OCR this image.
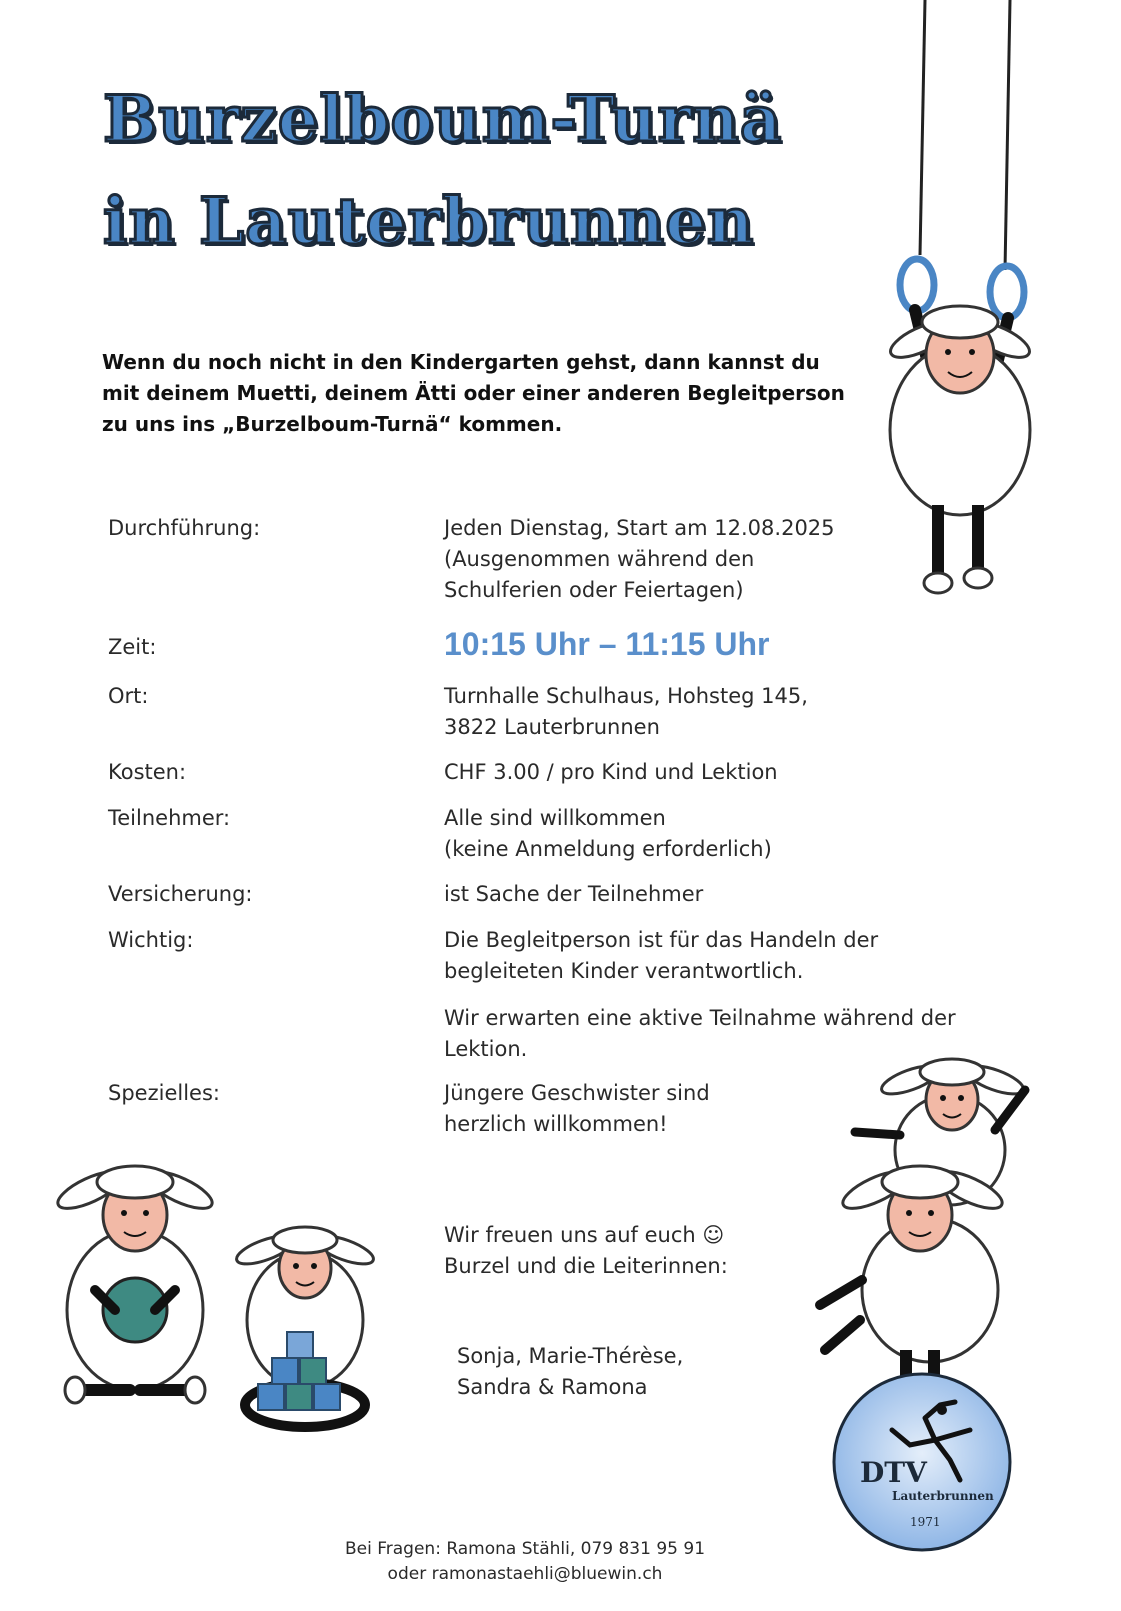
Burzelboum-Turnä
in Lauterbrunnen

Wenn du noch nicht in den Kindergarten gehst, dann kannst du

mit deinem Muetti, deinem Ätti oder einer anderen Begleitperson

zu uns ins „Burzelboum-Turnä“ kommen.

Durchführung:	Jeden Dienstag, Start am 12.08.2025

(Ausgenommen während den

Schulferien oder Feiertagen)

Zeit:	10:15 Uhr – 11:15 Uhr
Ort:	Turnhalle Schulhaus, Hohsteg 145,

3822 Lauterbrunnen

Kosten:	CHF 3.00 / pro Kind und Lektion
Teilnehmer:	Alle sind willkommen

(keine Anmeldung erforderlich)

Versicherung:	ist Sache der Teilnehmer
Wichtig:	Die Begleitperson ist für das Handeln der

begleiteten Kinder verantwortlich.

Wir erwarten eine aktive Teilnahme während der

Lektion.

Spezielles:	Jüngere Geschwister sind

herzlich willkommen!

Wir freuen uns auf euch ☺

Burzel und die Leiterinnen:

Sonja, Marie-Thérèse,

Sandra & Ramona

Bei Fragen: Ramona Stähli, 079 831 95 91

oder ramonastaehli@bluewin.ch

DTV
Lauterbrunnen
1971
